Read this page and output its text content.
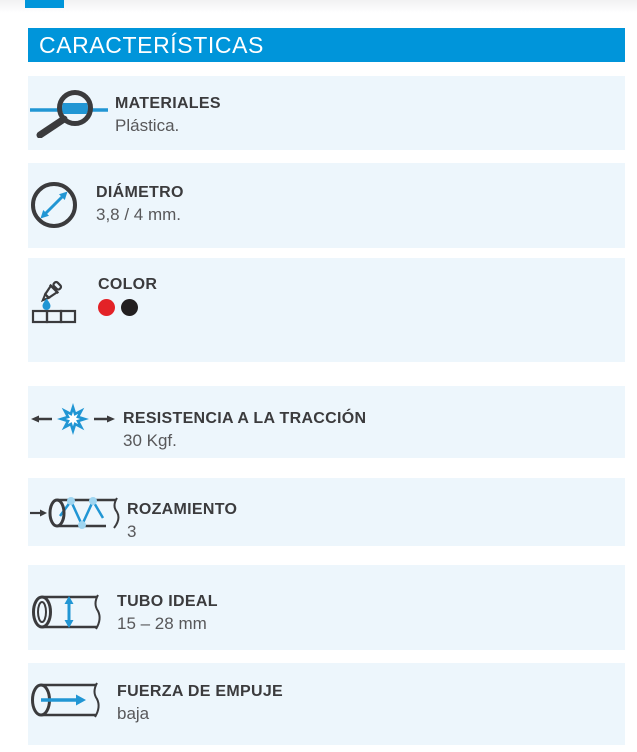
CARACTERÍSTICAS
MATERIALES

Plástica.

DIÁMETRO

3,8 / 4 mm.

COLOR
RESISTENCIA A LA TRACCIÓN

30 Kgf.

ROZAMIENTO

3

TUBO IDEAL

15 – 28 mm

FUERZA DE EMPUJE

baja
